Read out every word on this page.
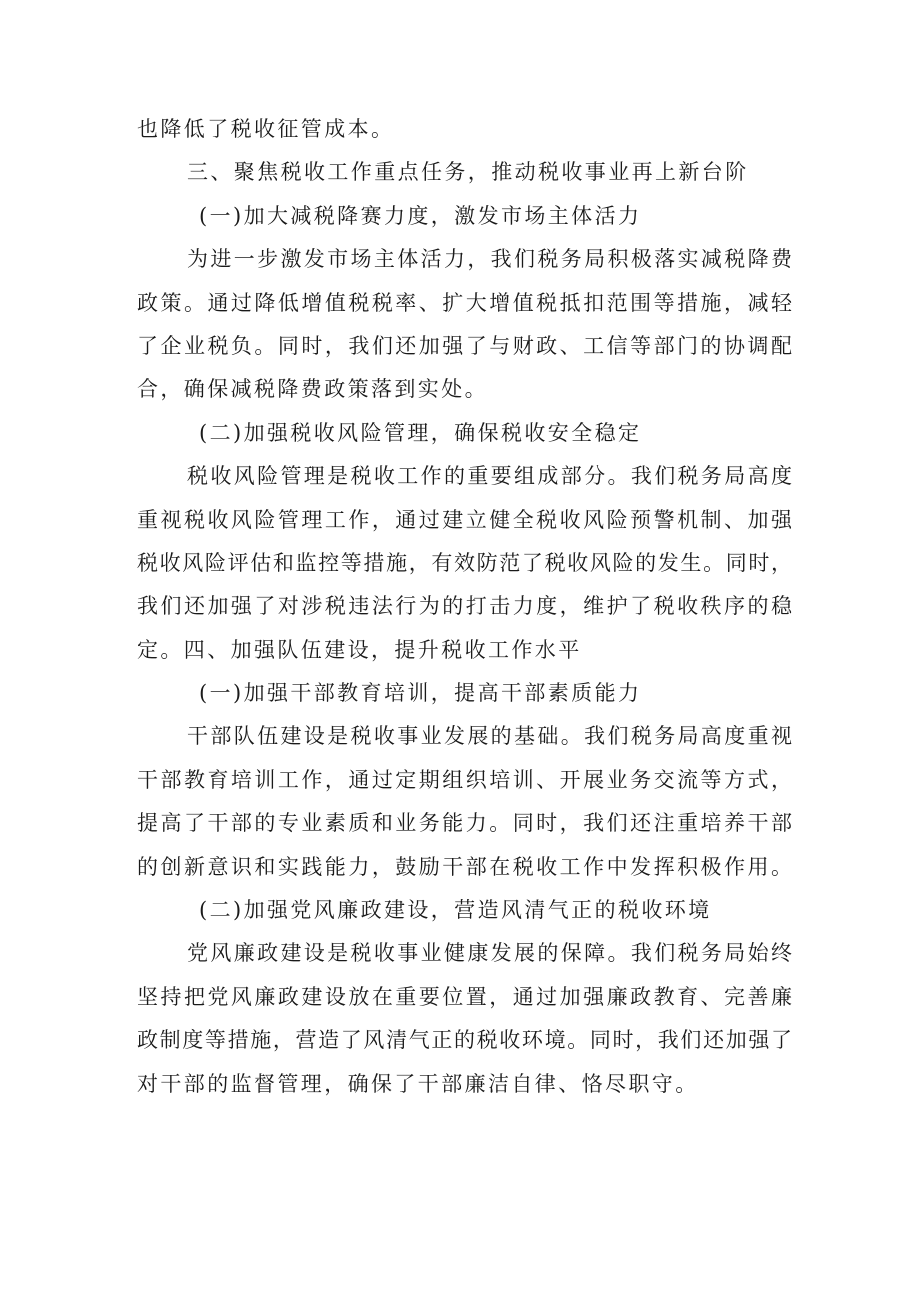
也降低了税收征管成本。
三、聚焦税收工作重点任务，推动税收事业再上新台阶
(一)加大减税降赛力度，激发市场主体活力
为进一步激发市场主体活力，我们税务局积极落实减税降费
政策。通过降低增值税税率、扩大增值税抵扣范围等措施，减轻
了企业税负。同时，我们还加强了与财政、工信等部门的协调配
合，确保减税降费政策落到实处。
(二)加强税收风险管理，确保税收安全稳定
税收风险管理是税收工作的重要组成部分。我们税务局高度
重视税收风险管理工作，通过建立健全税收风险预警机制、加强
税收风险评估和监控等措施，有效防范了税收风险的发生。同时，
我们还加强了对涉税违法行为的打击力度，维护了税收秩序的稳
定。四、加强队伍建设，提升税收工作水平
(一)加强干部教育培训，提高干部素质能力
干部队伍建设是税收事业发展的基础。我们税务局高度重视
干部教育培训工作，通过定期组织培训、开展业务交流等方式，
提高了干部的专业素质和业务能力。同时，我们还注重培养干部
的创新意识和实践能力，鼓励干部在税收工作中发挥积极作用。
(二)加强党风廉政建设，营造风清气正的税收环境
党风廉政建设是税收事业健康发展的保障。我们税务局始终
坚持把党风廉政建设放在重要位置，通过加强廉政教育、完善廉
政制度等措施，营造了风清气正的税收环境。同时，我们还加强了
对干部的监督管理，确保了干部廉洁自律、恪尽职守。
